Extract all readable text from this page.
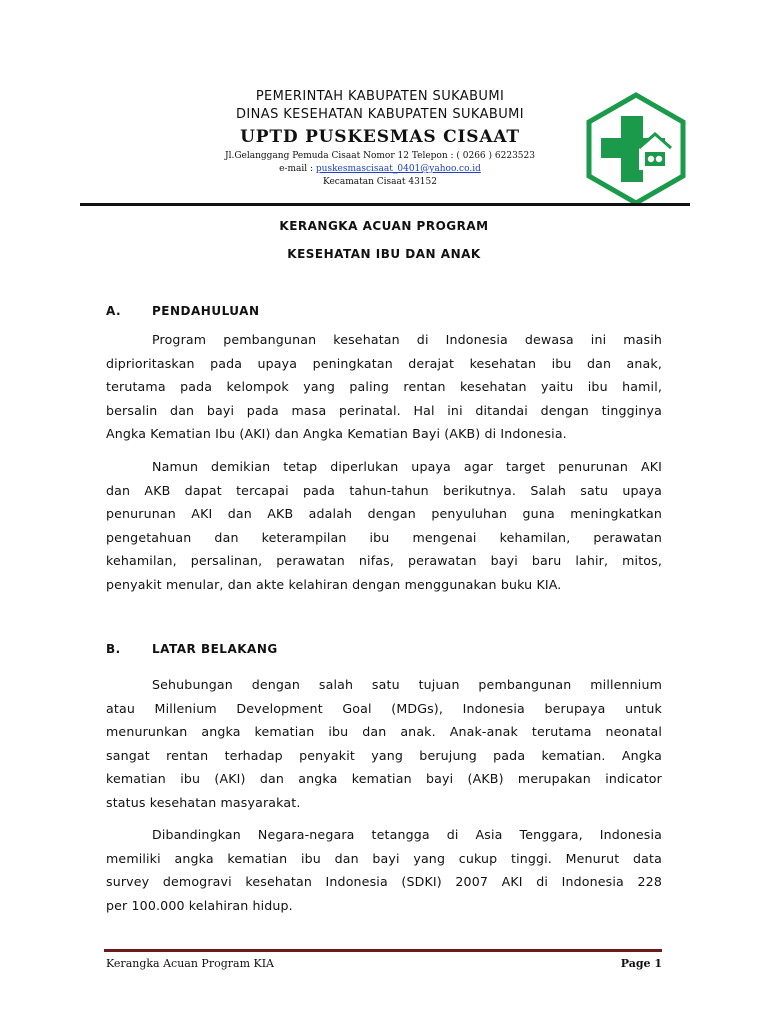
PEMERINTAH KABUPATEN SUKABUMI
DINAS KESEHATAN KABUPATEN SUKABUMI
UPTD PUSKESMAS CISAAT
Jl.Gelanggang Pemuda Cisaat Nomor 12 Telepon : ( 0266 ) 6223523
e-mail : puskesmascisaat_0401@yahoo.co.id
Kecamatan Cisaat 43152
KERANGKA ACUAN PROGRAM
KESEHATAN IBU DAN ANAK
A.	PENDAHULUAN
Program pembangunan kesehatan di Indonesia dewasa ini masih
diprioritaskan pada upaya peningkatan derajat kesehatan ibu dan anak,
terutama pada kelompok yang paling rentan kesehatan yaitu ibu hamil,
bersalin dan bayi pada masa perinatal. Hal ini ditandai dengan tingginya
Angka Kematian Ibu (AKI) dan Angka Kematian Bayi (AKB) di Indonesia.
Namun demikian tetap diperlukan upaya agar target penurunan AKI
dan AKB dapat tercapai pada tahun-tahun berikutnya. Salah satu upaya
penurunan AKI dan AKB adalah dengan penyuluhan guna meningkatkan
pengetahuan dan keterampilan ibu mengenai kehamilan, perawatan
kehamilan, persalinan, perawatan nifas, perawatan bayi baru lahir, mitos,
penyakit menular, dan akte kelahiran dengan menggunakan buku KIA.
B.	LATAR BELAKANG
Sehubungan dengan salah satu tujuan pembangunan millennium
atau Millenium Development Goal (MDGs), Indonesia berupaya untuk
menurunkan angka kematian ibu dan anak. Anak-anak terutama neonatal
sangat rentan terhadap penyakit yang berujung pada kematian. Angka
kematian ibu (AKI) dan angka kematian bayi (AKB) merupakan indicator
status kesehatan masyarakat.
Dibandingkan Negara-negara tetangga di Asia Tenggara, Indonesia
memiliki angka kematian ibu dan bayi yang cukup tinggi. Menurut data
survey demogravi kesehatan Indonesia (SDKI) 2007 AKI di Indonesia 228
per 100.000 kelahiran hidup.
Kerangka Acuan Program KIA	Page 1
